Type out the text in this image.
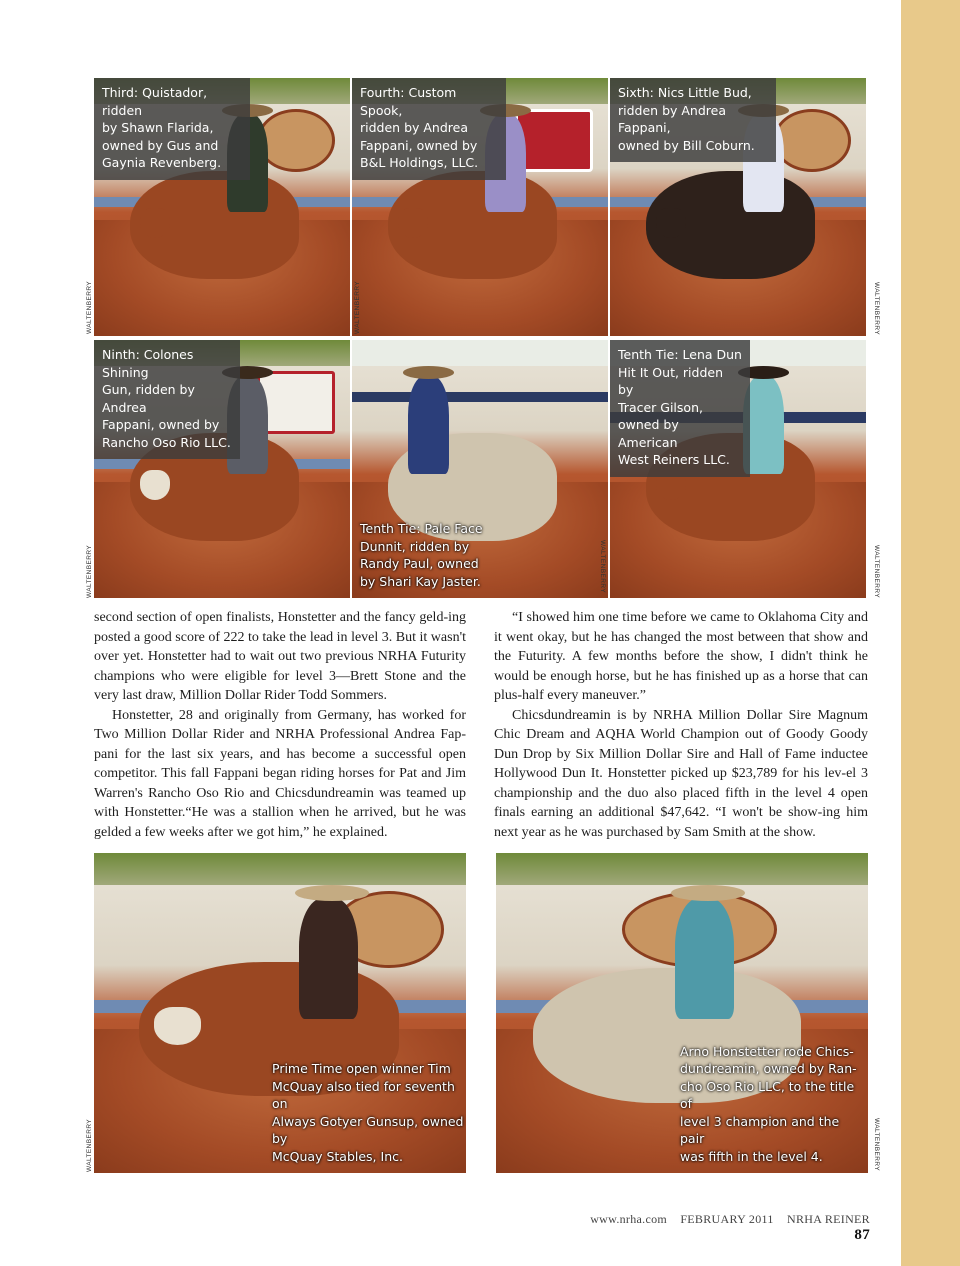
Third: Quistador, ridden
by Shawn Flarida,
owned by Gus and
Gaynia Revenberg.
Fourth: Custom Spook,
ridden by Andrea
Fappani, owned by
B&L Holdings, LLC.
Sixth: Nics Little Bud,
ridden by Andrea Fappani,
owned by Bill Coburn.
Ninth: Colones Shining
Gun, ridden by Andrea
Fappani, owned by
Rancho Oso Rio LLC.
Tenth Tie: Pale Face
Dunnit, ridden by
Randy Paul, owned
by Shari Kay Jaster.
Tenth Tie: Lena Dun
Hit It Out, ridden by
Tracer Gilson,
owned by American
West Reiners LLC.
WALTENBERRY	WALTENBERRY	WALTENBERRY
WALTENBERRY	WALTENBERRY	WALTENBERRY

second section of open finalists, Honstetter and the fancy geld-ing posted a good score of 222 to take the lead in level 3. But it wasn't over yet. Honstetter had to wait out two previous NRHA Futurity champions who were eligible for level 3—Brett Stone and the very last draw, Million Dollar Rider Todd Sommers.

Honstetter, 28 and originally from Germany, has worked for Two Million Dollar Rider and NRHA Professional Andrea Fap-pani for the last six years, and has become a successful open competitor. This fall Fappani began riding horses for Pat and Jim Warren's Rancho Oso Rio and Chicsdundreamin was teamed up with Honstetter.“He was a stallion when he arrived, but he was gelded a few weeks after we got him,” he explained.

“I showed him one time before we came to Oklahoma City and it went okay, but he has changed the most between that show and the Futurity. A few months before the show, I didn't think he would be enough horse, but he has finished up as a horse that can plus-half every maneuver.”

Chicsdundreamin is by NRHA Million Dollar Sire Magnum Chic Dream and AQHA World Champion out of Goody Goody Dun Drop by Six Million Dollar Sire and Hall of Fame inductee Hollywood Dun It. Honstetter picked up $23,789 for his lev-el 3 championship and the duo also placed fifth in the level 4 open finals earning an additional $47,642. “I won't be show-ing him next year as he was purchased by Sam Smith at the show.

Prime Time open winner Tim
McQuay also tied for seventh on
Always Gotyer Gunsup, owned by
McQuay Stables, Inc.
Arno Honstetter rode Chics-
dundreamin, owned by Ran-
cho Oso Rio LLC, to the title of
level 3 champion and the pair
was fifth in the level 4.
WALTENBERRY	WALTENBERRY
www.nrha.com FEBRUARY 2011 NRHA REINER 87
